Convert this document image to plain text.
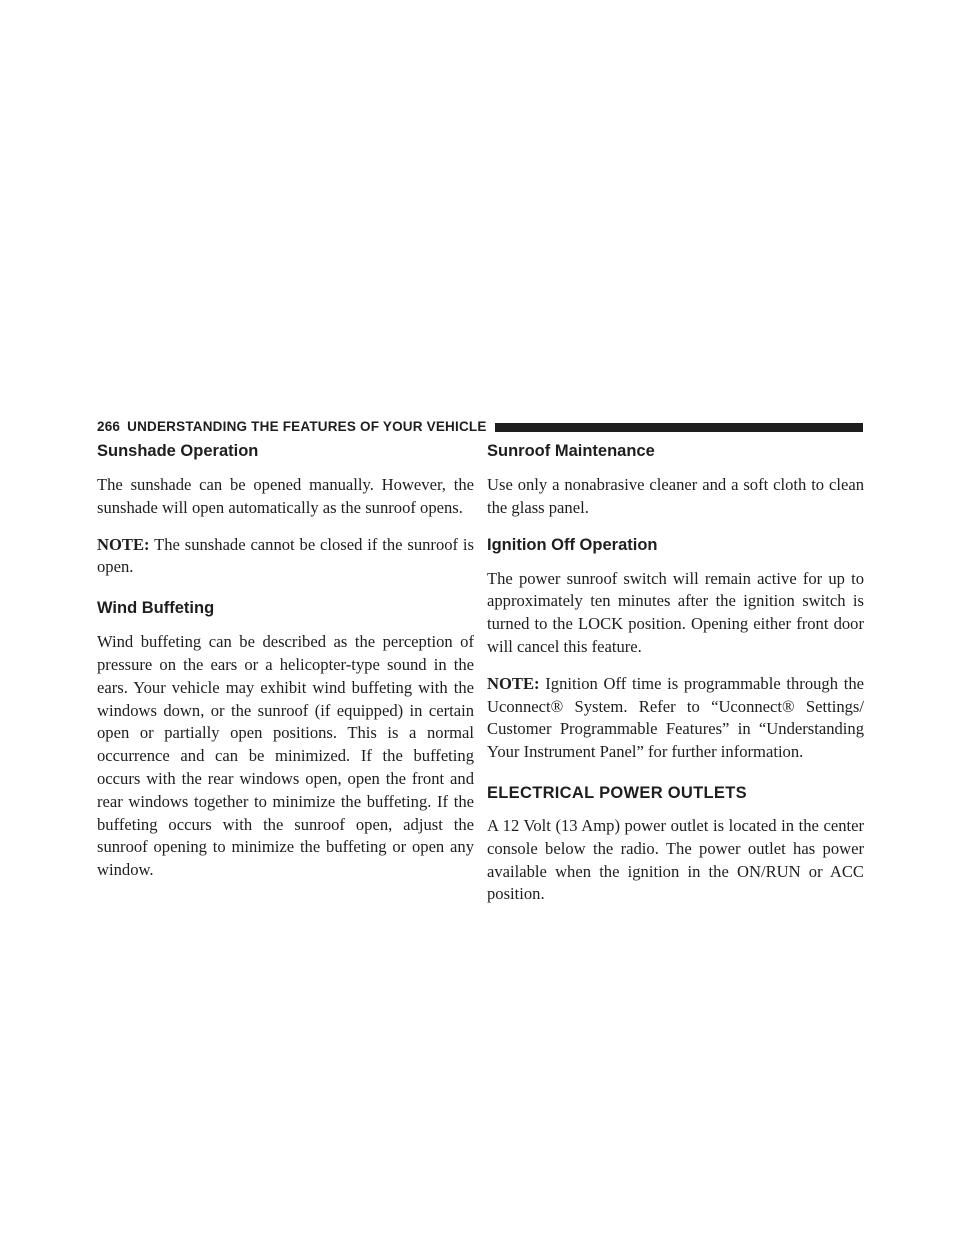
266 UNDERSTANDING THE FEATURES OF YOUR VEHICLE
Sunshade Operation

The sunshade can be opened manually. However, the sunshade will open automatically as the sunroof opens.

NOTE: The sunshade cannot be closed if the sunroof is open.

Wind Buffeting

Wind buffeting can be described as the perception of pressure on the ears or a helicopter-type sound in the ears. Your vehicle may exhibit wind buffeting with the windows down, or the sunroof (if equipped) in certain open or partially open positions. This is a normal occurrence and can be minimized. If the buffeting occurs with the rear windows open, open the front and rear windows together to minimize the buffeting. If the buffeting occurs with the sunroof open, adjust the sunroof opening to minimize the buffeting or open any window.

Sunroof Maintenance

Use only a nonabrasive cleaner and a soft cloth to clean the glass panel.

Ignition Off Operation

The power sunroof switch will remain active for up to approximately ten minutes after the ignition switch is turned to the LOCK position. Opening either front door will cancel this feature.

NOTE: Ignition Off time is programmable through the Uconnect® System. Refer to “Uconnect® Settings/ Customer Programmable Features” in “Understanding Your Instrument Panel” for further information.

ELECTRICAL POWER OUTLETS

A 12 Volt (13 Amp) power outlet is located in the center console below the radio. The power outlet has power available when the ignition in the ON/RUN or ACC position.
